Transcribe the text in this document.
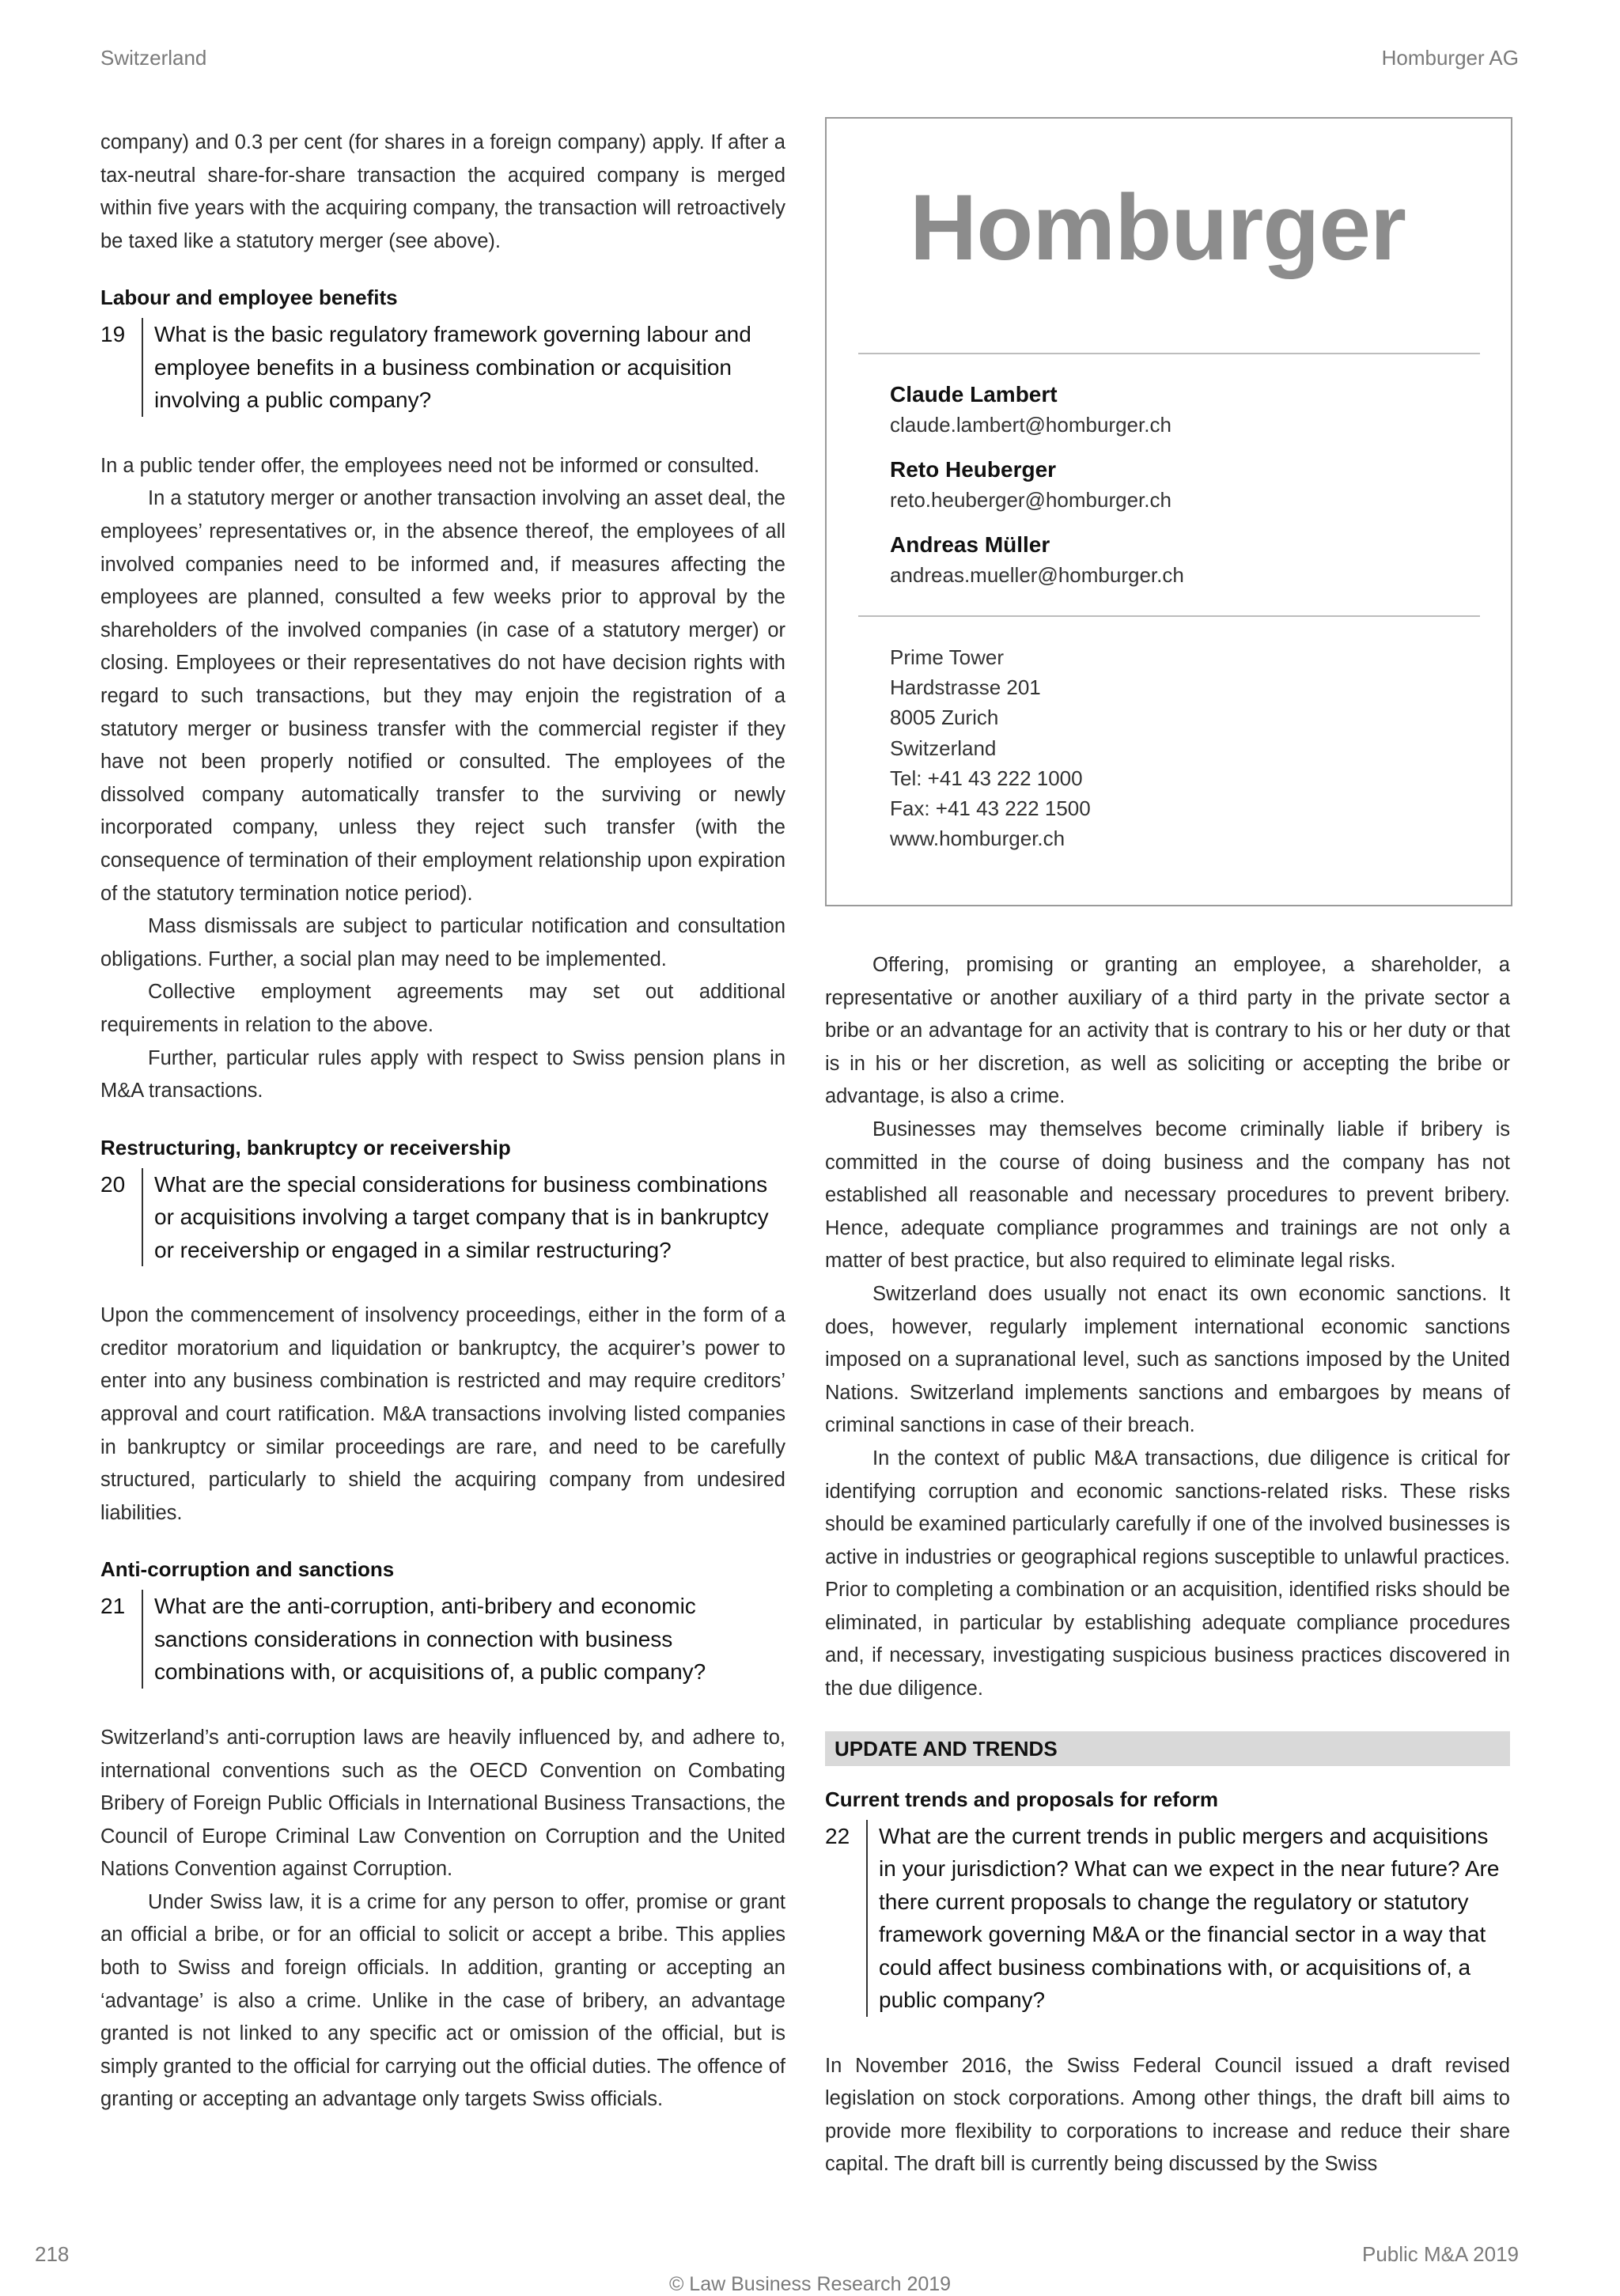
Switzerland	Homburger AG

company) and 0.3 per cent (for shares in a foreign company) apply. If after a tax-neutral share-for-share transaction the acquired company is merged within five years with the acquiring company, the transaction will retroactively be taxed like a statutory merger (see above).

Labour and employee benefits
19	What is the basic regulatory framework governing labour and employee benefits in a business combination or acquisition involving a public company?

In a public tender offer, the employees need not be informed or consulted.

In a statutory merger or another transaction involving an asset deal, the employees’ representatives or, in the absence thereof, the employees of all involved companies need to be informed and, if measures affecting the employees are planned, consulted a few weeks prior to approval by the shareholders of the involved companies (in case of a statutory merger) or closing. Employees or their representatives do not have decision rights with regard to such transactions, but they may enjoin the registration of a statutory merger or business transfer with the commercial register if they have not been properly notified or consulted. The employees of the dissolved company automatically transfer to the surviving or newly incorporated company, unless they reject such transfer (with the consequence of termination of their employment relationship upon expiration of the statutory termination notice period).

Mass dismissals are subject to particular notification and consultation obligations. Further, a social plan may need to be implemented.

Collective employment agreements may set out additional requirements in relation to the above.

Further, particular rules apply with respect to Swiss pension plans in M&A transactions.

Restructuring, bankruptcy or receivership
20	What are the special considerations for business combinations or acquisitions involving a target company that is in bankruptcy or receivership or engaged in a similar restructuring?

Upon the commencement of insolvency proceedings, either in the form of a creditor moratorium and liquidation or bankruptcy, the acquirer’s power to enter into any business combination is restricted and may require creditors’ approval and court ratification. M&A transactions involving listed companies in bankruptcy or similar proceedings are rare, and need to be carefully structured, particularly to shield the acquiring company from undesired liabilities.

Anti-corruption and sanctions
21	What are the anti-corruption, anti-bribery and economic sanctions considerations in connection with business combinations with, or acquisitions of, a public company?

Switzerland’s anti-corruption laws are heavily influenced by, and adhere to, international conventions such as the OECD Convention on Combating Bribery of Foreign Public Officials in International Business Transactions, the Council of Europe Criminal Law Convention on Corruption and the United Nations Convention against Corruption.

Under Swiss law, it is a crime for any person to offer, promise or grant an official a bribe, or for an official to solicit or accept a bribe. This applies both to Swiss and foreign officials. In addition, granting or accepting an ‘advantage’ is also a crime. Unlike in the case of bribery, an advantage granted is not linked to any specific act or omission of the official, but is simply granted to the official for carrying out the official duties. The offence of granting or accepting an advantage only targets Swiss officials.

Homburger
Claude Lambert
claude.lambert@homburger.ch
Reto Heuberger
reto.heuberger@homburger.ch
Andreas Müller
andreas.mueller@homburger.ch
Prime Tower
Hardstrasse 201
8005 Zurich
Switzerland
Tel: +41 43 222 1000
Fax: +41 43 222 1500
www.homburger.ch

Offering, promising or granting an employee, a shareholder, a representative or another auxiliary of a third party in the private sector a bribe or an advantage for an activity that is contrary to his or her duty or that is in his or her discretion, as well as soliciting or accepting the bribe or advantage, is also a crime.

Businesses may themselves become criminally liable if bribery is committed in the course of doing business and the company has not established all reasonable and necessary procedures to prevent bribery. Hence, adequate compliance programmes and trainings are not only a matter of best practice, but also required to eliminate legal risks.

Switzerland does usually not enact its own economic sanctions. It does, however, regularly implement international economic sanctions imposed on a supranational level, such as sanctions imposed by the United Nations. Switzerland implements sanctions and embargoes by means of criminal sanctions in case of their breach.

In the context of public M&A transactions, due diligence is critical for identifying corruption and economic sanctions-related risks. These risks should be examined particularly carefully if one of the involved businesses is active in industries or geographical regions susceptible to unlawful practices. Prior to completing a combination or an acquisition, identified risks should be eliminated, in particular by establishing adequate compliance procedures and, if necessary, investigating suspicious business practices discovered in the due diligence.

UPDATE AND TRENDS
Current trends and proposals for reform
22	What are the current trends in public mergers and acquisitions in your jurisdiction? What can we expect in the near future? Are there current proposals to change the regulatory or statutory framework governing M&A or the financial sector in a way that could affect business combinations with, or acquisitions of, a public company?

In November 2016, the Swiss Federal Council issued a draft revised legislation on stock corporations. Among other things, the draft bill aims to provide more flexibility to corporations to increase and reduce their share capital. The draft bill is currently being discussed by the Swiss

218	Public M&A 2019
© Law Business Research 2019
